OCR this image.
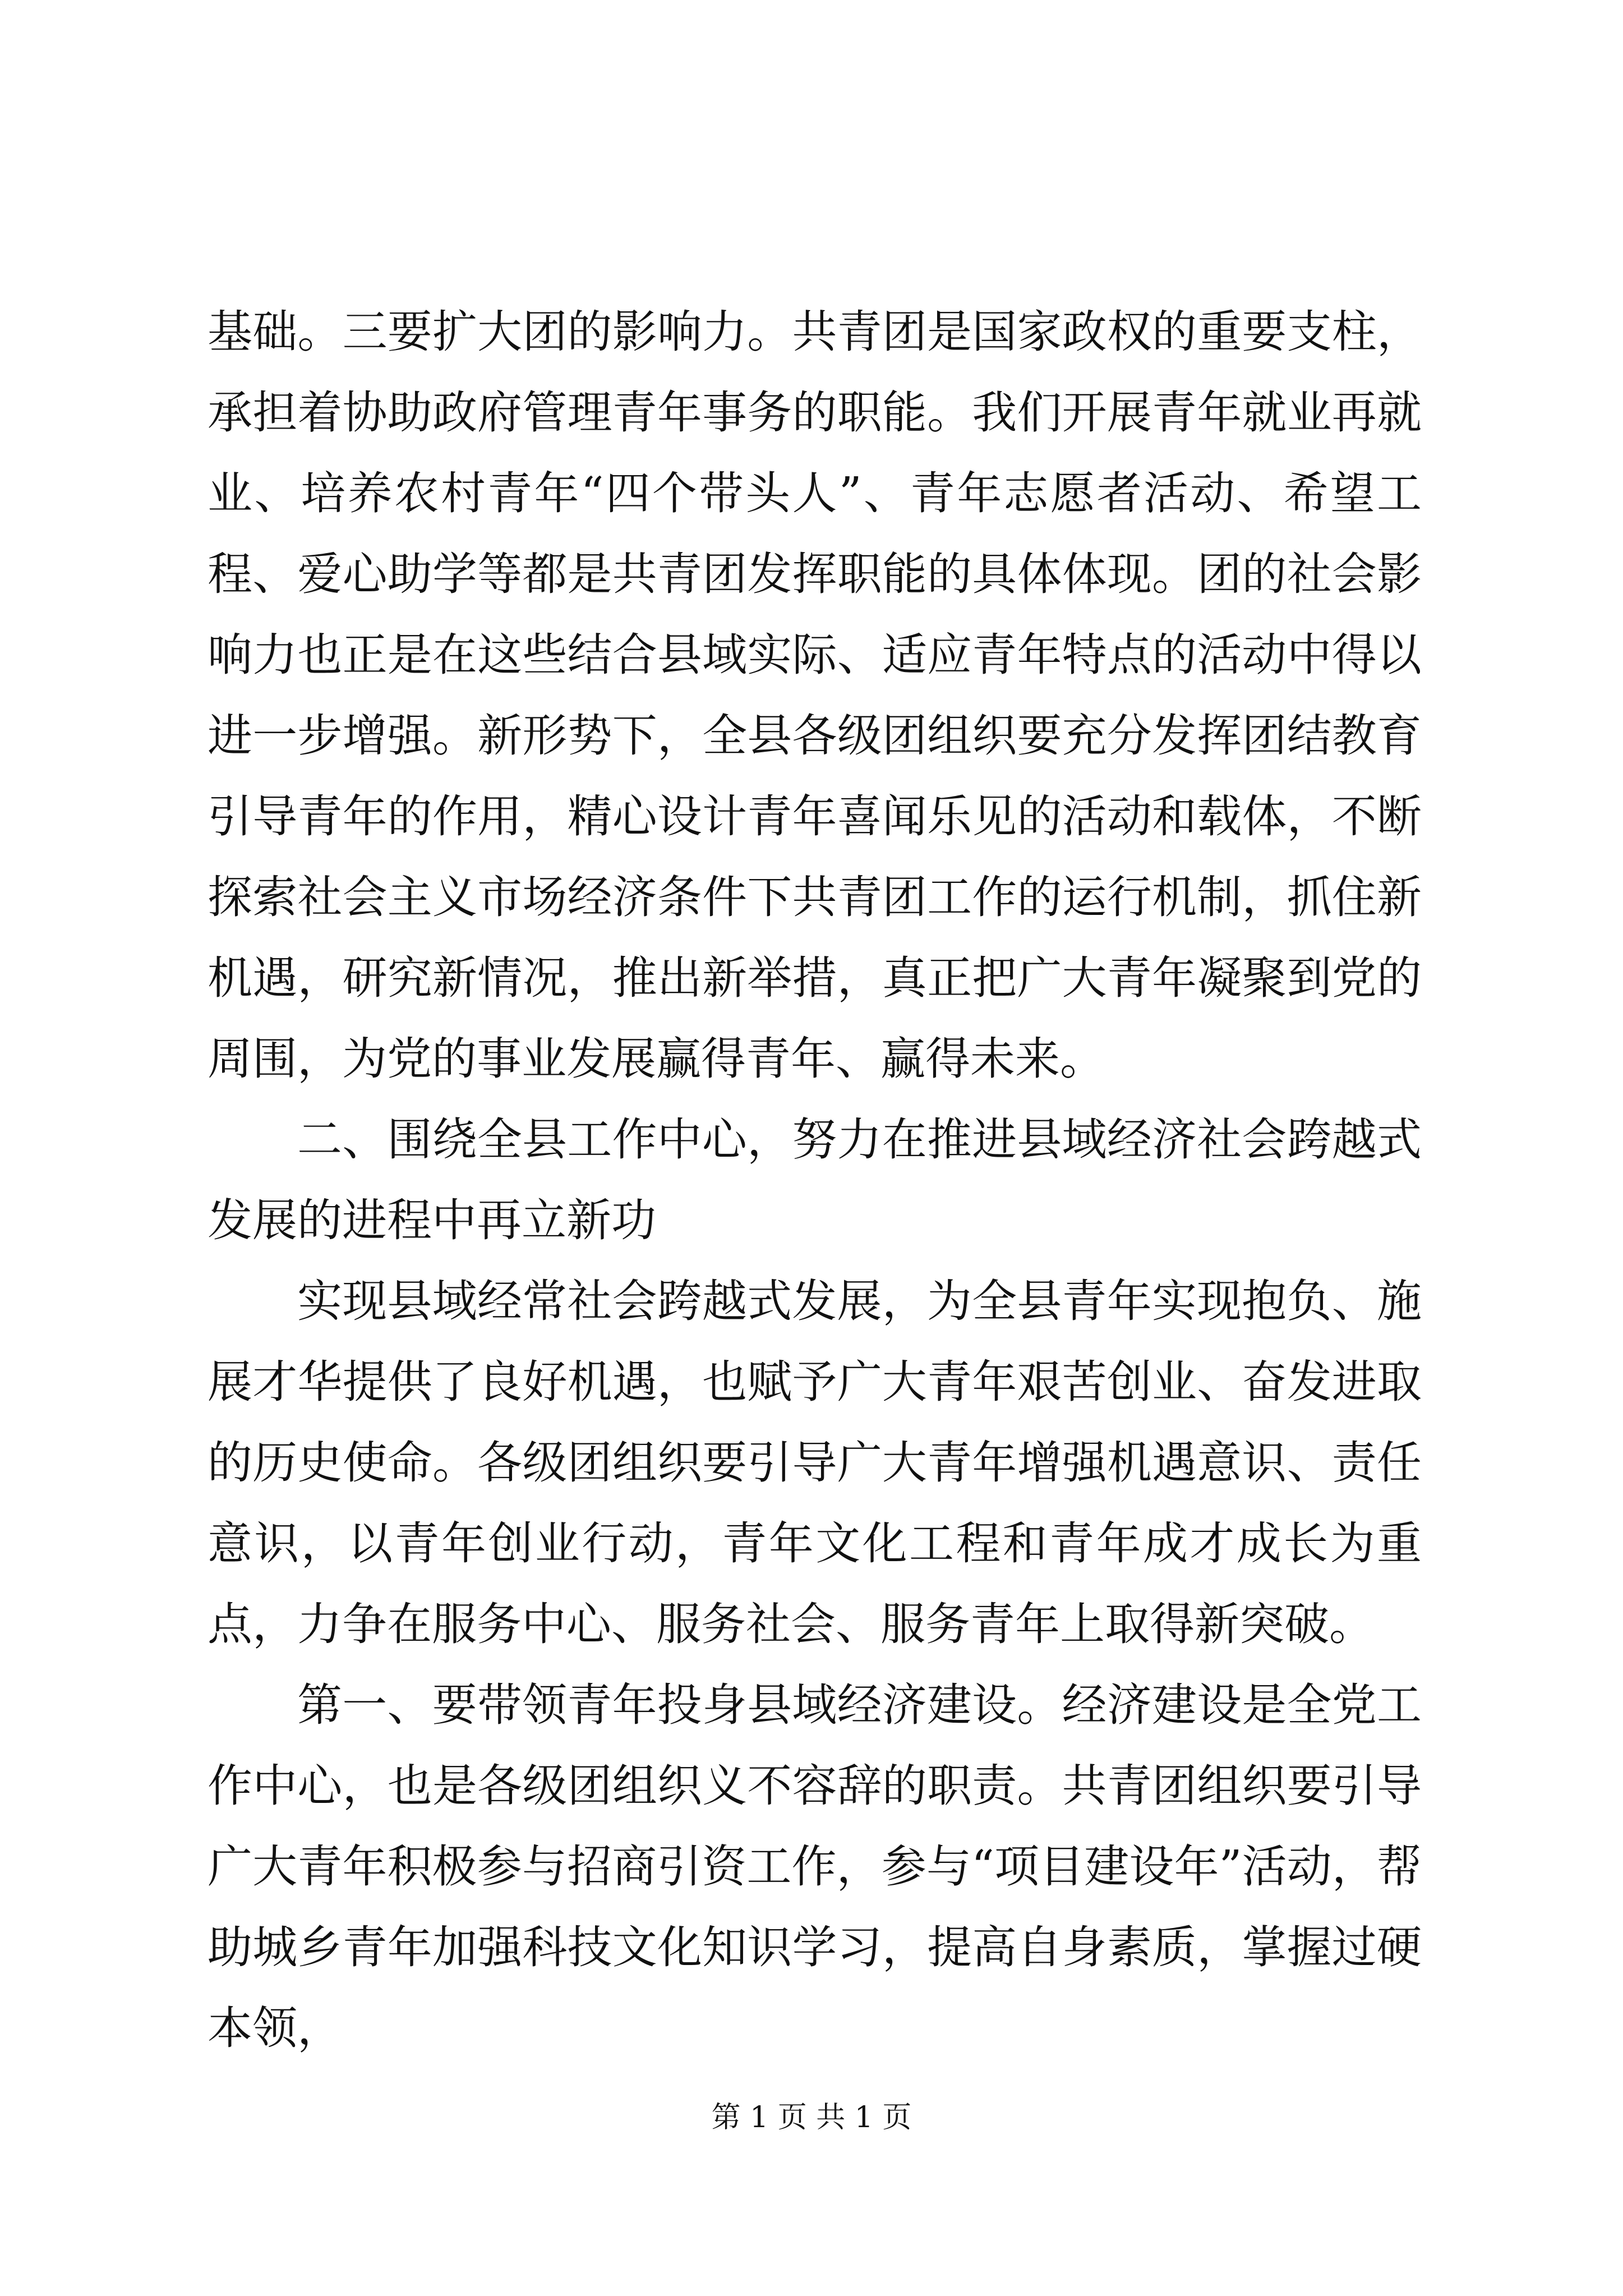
基础。三要扩大团的影响力。共青团是国家政权的重要支柱，承担着协助政府管理青年事务的职能。我们开展青年就业再就业、培养农村青年“四个带头人”、青年志愿者活动、希望工程、爱心助学等都是共青团发挥职能的具体体现。团的社会影响力也正是在这些结合县域实际、适应青年特点的活动中得以进一步增强。新形势下，全县各级团组织要充分发挥团结教育引导青年的作用，精心设计青年喜闻乐见的活动和载体，不断探索社会主义市场经济条件下共青团工作的运行机制，抓住新机遇，研究新情况，推出新举措，真正把广大青年凝聚到党的周围，为党的事业发展赢得青年、赢得未来。

二、围绕全县工作中心，努力在推进县域经济社会跨越式发展的进程中再立新功

实现县域经常社会跨越式发展，为全县青年实现抱负、施展才华提供了良好机遇，也赋予广大青年艰苦创业、奋发进取的历史使命。各级团组织要引导广大青年增强机遇意识、责任意识，以青年创业行动，青年文化工程和青年成才成长为重点，力争在服务中心、服务社会、服务青年上取得新突破。

第一、要带领青年投身县域经济建设。经济建设是全党工作中心，也是各级团组织义不容辞的职责。共青团组织要引导广大青年积极参与招商引资工作，参与“项目建设年”活动，帮助城乡青年加强科技文化知识学习，提高自身素质，掌握过硬本领，

第 1 页 共 1 页
